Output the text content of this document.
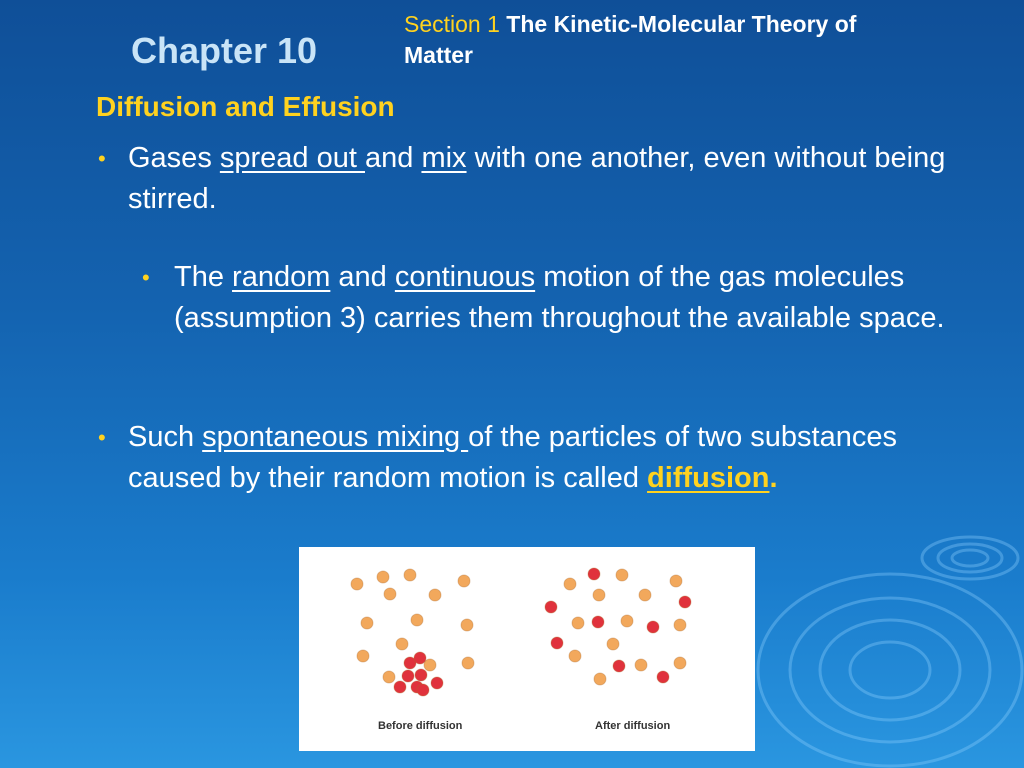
Chapter 10
Section 1 The Kinetic-Molecular Theory of Matter
Diffusion and Effusion
• Gases spread out and mix with one another, even without being stirred.
• The random and continuous motion of the gas molecules (assumption 3) carries them throughout the available space.
• Such spontaneous mixing of the particles of two substances caused by their random motion is called diffusion.
Before diffusion	After diffusion
